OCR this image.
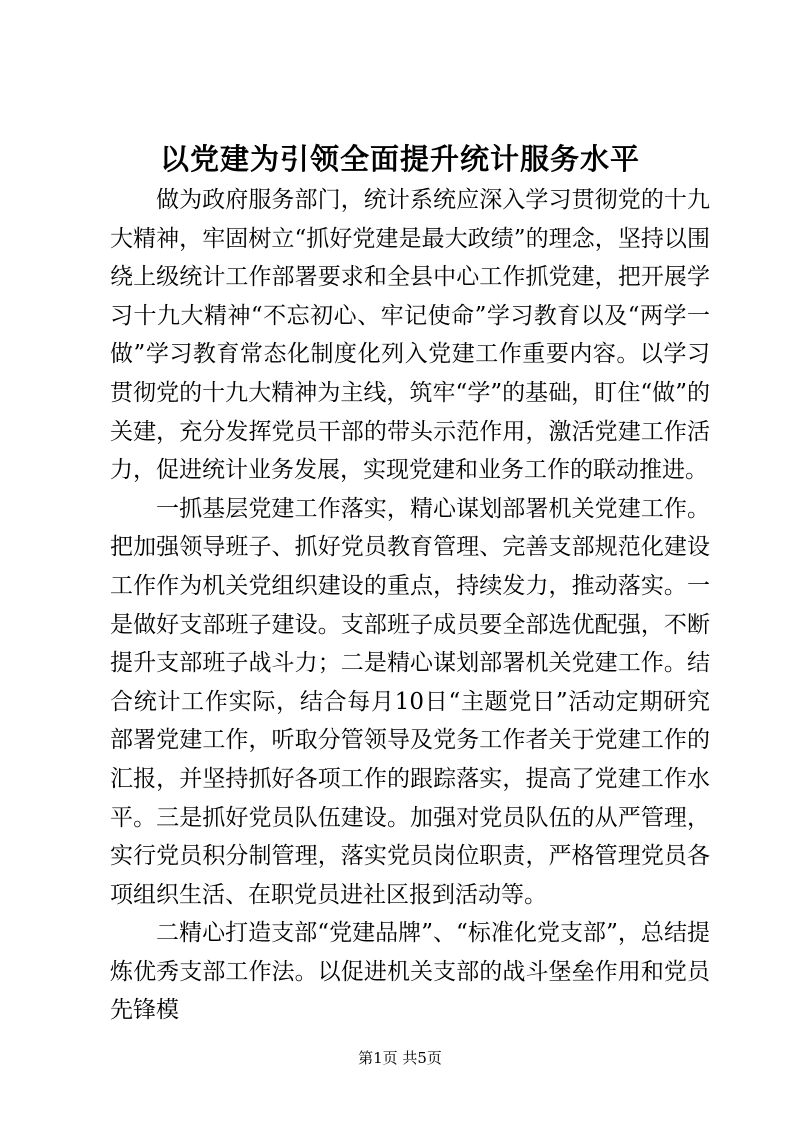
以党建为引领全面提升统计服务水平

做为政府服务部门，统计系统应深入学习贯彻党的十九大精神，牢固树立“抓好党建是最大政绩”的理念，坚持以围绕上级统计工作部署要求和全县中心工作抓党建，把开展学习十九大精神“不忘初心、牢记使命”学习教育以及“两学一做”学习教育常态化制度化列入党建工作重要内容。以学习贯彻党的十九大精神为主线，筑牢“学”的基础，盯住“做”的关建，充分发挥党员干部的带头示范作用，激活党建工作活力，促进统计业务发展，实现党建和业务工作的联动推进。

一抓基层党建工作落实，精心谋划部署机关党建工作。把加强领导班子、抓好党员教育管理、完善支部规范化建设工作作为机关党组织建设的重点，持续发力，推动落实。一是做好支部班子建设。支部班子成员要全部选优配强，不断提升支部班子战斗力；二是精心谋划部署机关党建工作。结合统计工作实际，结合每月10日“主题党日”活动定期研究部署党建工作，听取分管领导及党务工作者关于党建工作的汇报，并坚持抓好各项工作的跟踪落实，提高了党建工作水平。三是抓好党员队伍建设。加强对党员队伍的从严管理，实行党员积分制管理，落实党员岗位职责，严格管理党员各项组织生活、在职党员进社区报到活动等。

二精心打造支部“党建品牌”、“标准化党支部”，总结提炼优秀支部工作法。以促进机关支部的战斗堡垒作用和党员先锋模

第1页 共5页
